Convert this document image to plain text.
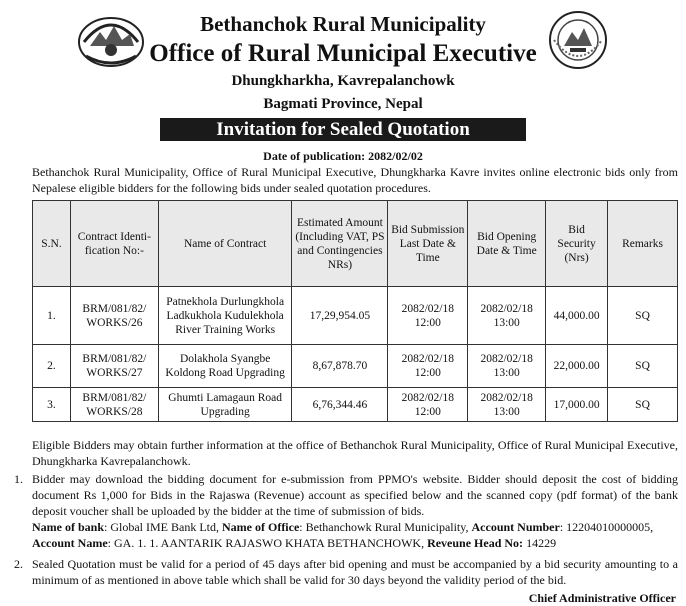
Bethanchok Rural Municipality
Office of Rural Municipal Executive
Dhungkharkha, Kavrepalanchowk
Bagmati Province, Nepal
Invitation for Sealed Quotation
Date of publication: 2082/02/02
Bethanchok Rural Municipality, Office of Rural Municipal Executive, Dhungkharka Kavre invites online electronic bids only from Nepalese eligible bidders for the following bids under sealed quotation procedures.
S.N.	Contract Identi-fication No:-	Name of Contract	Estimated Amount (Including VAT, PS and Contingencies NRs)	Bid Submission Last Date & Time	Bid Opening Date & Time	Bid Security (Nrs)	Remarks
1.	BRM/081/82/ WORKS/26	Patnekhola Durlungkhola Ladkukhola Kudulekhola River Training Works	17,29,954.05	2082/02/18 12:00	2082/02/18 13:00	44,000.00	SQ
2.	BRM/081/82/ WORKS/27	Dolakhola Syangbe Koldong Road Upgrading	8,67,878.70	2082/02/18 12:00	2082/02/18 13:00	22,000.00	SQ
3.	BRM/081/82/ WORKS/28	Ghumti Lamagaun Road Upgrading	6,76,344.46	2082/02/18 12:00	2082/02/18 13:00	17,000.00	SQ
Eligible Bidders may obtain further information at the office of Bethanchok Rural Municipality, Office of Rural Municipal Executive, Dhungkharka Kavrepalanchowk.
1. Bidder may download the bidding document for e-submission from PPMO's website. Bidder should deposit the cost of bidding document Rs 1,000 for Bids in the Rajaswa (Revenue) account as specified below and the scanned copy (pdf format) of the bank deposit voucher shall be uploaded by the bidder at the time of submission of bids.
Name of bank: Global IME Bank Ltd, Name of Office: Bethanchowk Rural Municipality, Account Number: 12204010000005,
Account Name: GA. 1. 1. AANTARIK RAJASWO KHATA BETHANCHOWK, Reveune Head No: 14229
2. Sealed Quotation must be valid for a period of 45 days after bid opening and must be accompanied by a bid security amounting to a minimum of as mentioned in above table which shall be valid for 30 days beyond the validity period of the bid.
Chief Administrative Officer
